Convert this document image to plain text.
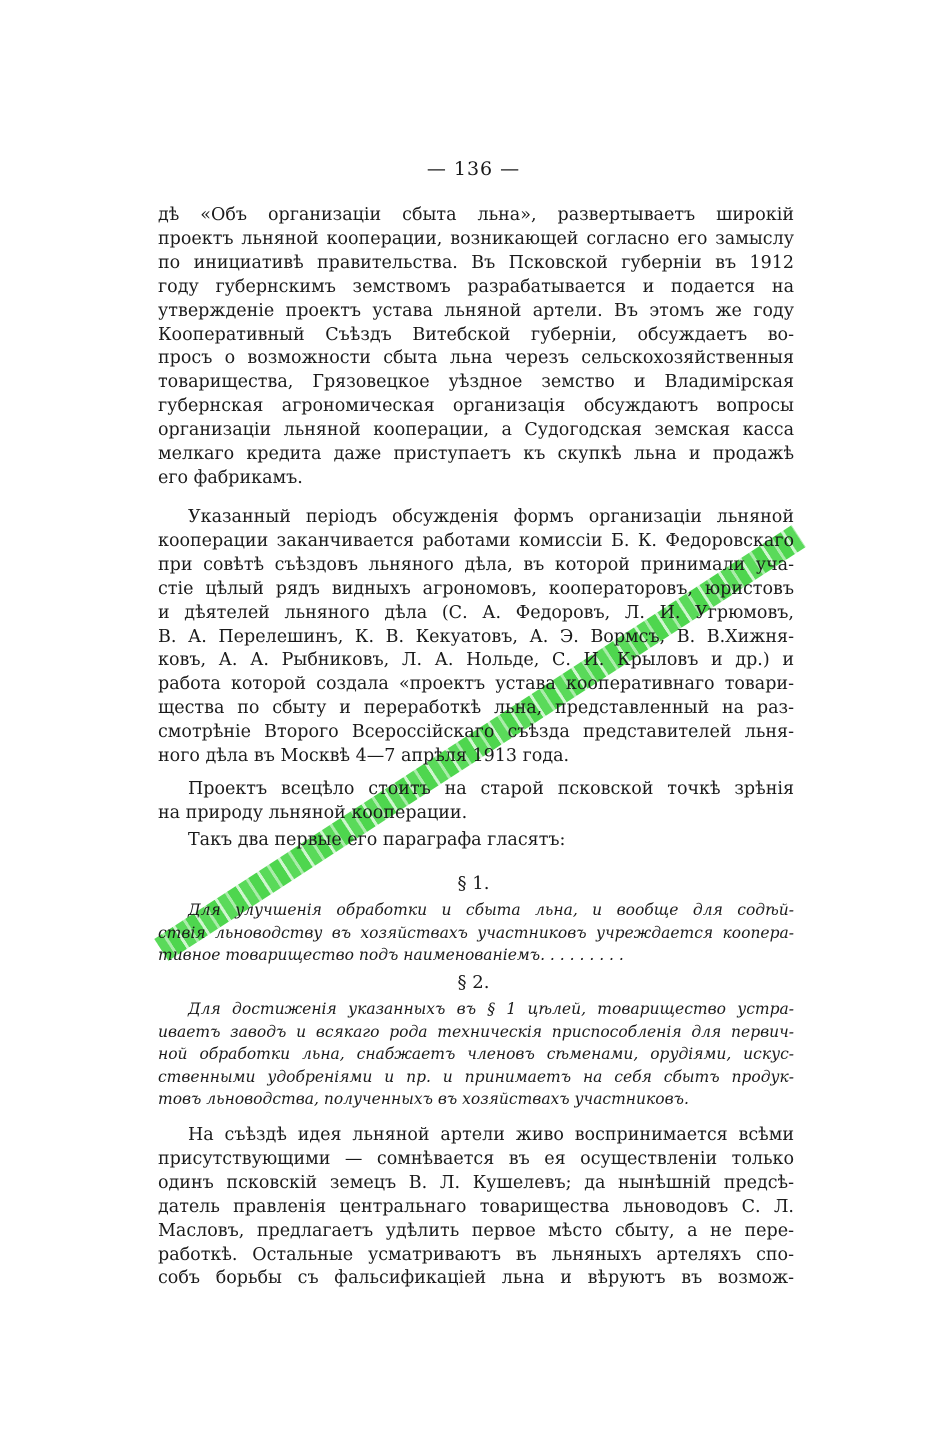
— 136 —
дѣ «Объ организаціи сбыта льна», развертываетъ широкій
проектъ льняной кооперации, возникающей согласно его замыслу
по инициативѣ правительства. Въ Псковской губерніи въ 1912
году губернскимъ земствомъ разрабатывается и подается на
утвержденіе проектъ устава льняной артели. Въ этомъ же году
Кооперативный Съѣздъ Витебской губерніи, обсуждаетъ во-
просъ о возможности сбыта льна черезъ сельскохозяйственныя
товарищества, Грязовецкое уѣздное земство и Владимірская
губернская агрономическая организація обсуждаютъ вопросы
организаціи льняной кооперации, а Судогодская земская касса
мелкаго кредита даже приступаетъ къ скупкѣ льна и продажѣ
его фабрикамъ.
Указанный періодъ обсужденія формъ организаціи льняной
кооперации заканчивается работами комиссіи Б. К. Федоровскаго
при совѣтѣ съѣздовъ льняного дѣла, въ которой принимали уча-
стіе цѣлый рядъ видныхъ агрономовъ, кооператоровъ, юристовъ
и дѣятелей льняного дѣла (С. А. Федоровъ, Л. И. Угрюмовъ,
В. А. Перелешинъ, К. В. Кекуатовъ, А. Э. Вормсъ, В. В.Хижня-
ковъ, А. А. Рыбниковъ, Л. А. Нольде, С. И. Крыловъ и др.) и
работа которой создала «проектъ устава кооперативнаго товари-
щества по сбыту и переработкѣ льна, представленный на раз-
смотрѣніе Второго Всероссійскаго съѣзда представителей льня-
ного дѣла въ Москвѣ 4—7 апрѣля 1913 года.
Проектъ всецѣло стоитъ на старой псковской точкѣ зрѣнія
на природу льняной кооперации.
Такъ два первые его параграфа гласятъ:
§ 1.
Для улучшенія обработки и сбыта льна, и вообще для содѣй-
ствія льноводству въ хозяйствахъ участниковъ учреждается коопера-
тивное товарищество подъ наименованіемъ. . . . . . . . .
§ 2.
Для достиженія указанныхъ въ § 1 цѣлей, товарищество устра-
иваетъ заводъ и всякаго рода техническія приспособленія для первич-
ной обработки льна, снабжаетъ членовъ сѣменами, орудіями, искус-
ственными удобреніями и пр. и принимаетъ на себя сбытъ продук-
товъ льноводства, полученныхъ въ хозяйствахъ участниковъ.
На съѣздѣ идея льняной артели живо воспринимается всѣми
присутствующими — сомнѣвается въ ея осуществленіи только
одинъ псковскій земецъ В. Л. Кушелевъ; да нынѣшній предсѣ-
датель правленія центральнаго товарищества льноводовъ С. Л.
Масловъ, предлагаетъ удѣлить первое мѣсто сбыту, а не пере-
работкѣ. Остальные усматриваютъ въ льняныхъ артеляхъ спо-
собъ борьбы съ фальсификаціей льна и вѣруютъ въ возмож-
